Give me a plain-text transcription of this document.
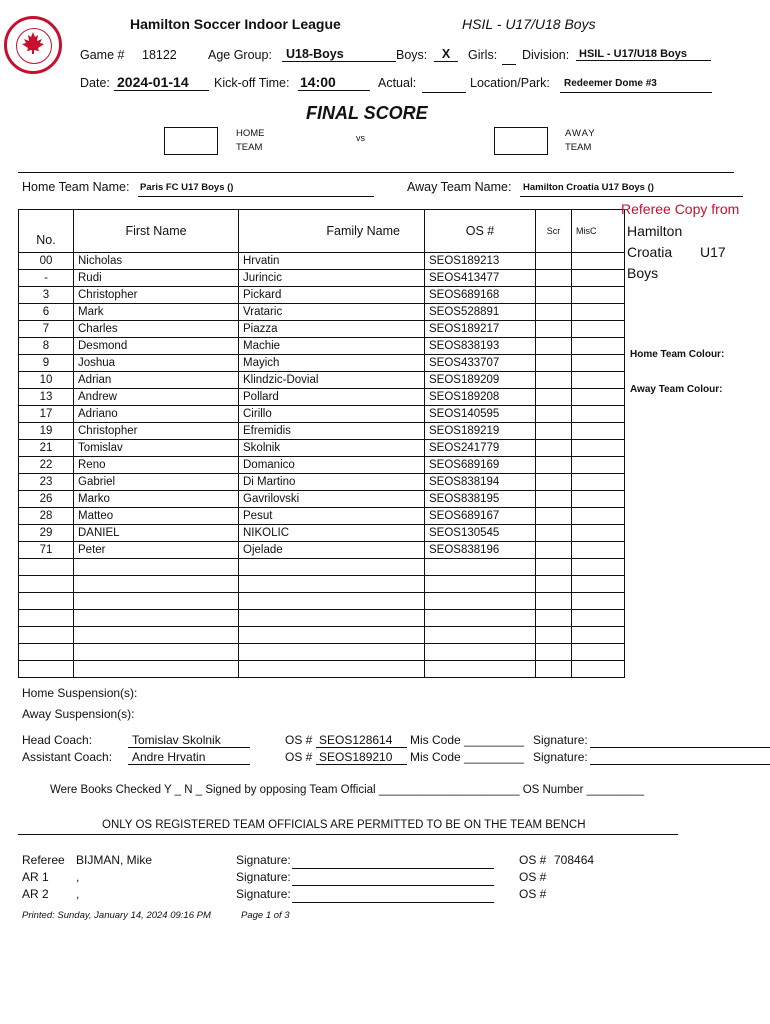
Hamilton Soccer Indoor League	HSIL - U17/U18 Boys
Game # 18122 Age Group:	U18-Boys	Boys:	X	Girls: Division: HSIL - U17/U18 Boys
Date: 2024-01-14	Kick-off Time: 14:00	Actual:	Location/Park:	Redeemer Dome #3
FINAL SCORE
HOME
TEAM
vs	AWAY
TEAM
Home Team Name: Paris FC U17 Boys ()	Away Team Name:	Hamilton Croatia U17 Boys ()
No.	First Name	Family Name	OS #	Scr	MisC
00	Nicholas	Hrvatin	SEOS189213		
-	Rudi	Jurincic	SEOS413477		
3	Christopher	Pickard	SEOS689168		
6	Mark	Vrataric	SEOS528891		
7	Charles	Piazza	SEOS189217		
8	Desmond	Machie	SEOS838193		
9	Joshua	Mayich	SEOS433707		
10	Adrian	Klindzic-Dovial	SEOS189209		
13	Andrew	Pollard	SEOS189208		
17	Adriano	Cirillo	SEOS140595		
19	Christopher	Efremidis	SEOS189219		
21	Tomislav	Skolnik	SEOS241779		
22	Reno	Domanico	SEOS689169		
23	Gabriel	Di Martino	SEOS838194		
26	Marko	Gavrilovski	SEOS838195		
28	Matteo	Pesut	SEOS689167		
29	DANIEL	NIKOLIC	SEOS130545		
71	Peter	Ojelade	SEOS838196		

Referee Copy from
Hamilton
Croatia U17
Boys
Home Team Colour:
Away Team Colour:
Home Suspension(s):
Away Suspension(s):
Head Coach:	Tomislav Skolnik	OS # SEOS128614	Mis Code _________ Signature:
Assistant Coach:	Andre Hrvatin	OS # SEOS189210	Mis Code _________ Signature:
Were Books Checked Y _ N _ Signed by opposing Team Official ______________________ OS Number _________
ONLY OS REGISTERED TEAM OFFICIALS ARE PERMITTED TO BE ON THE TEAM BENCH
Referee BIJMAN, Mike	Signature:	OS # 708464
AR 1 ,	Signature:	OS #
AR 2 ,	Signature:	OS #
Printed: Sunday, January 14, 2024 09:16 PM	Page 1 of 3
